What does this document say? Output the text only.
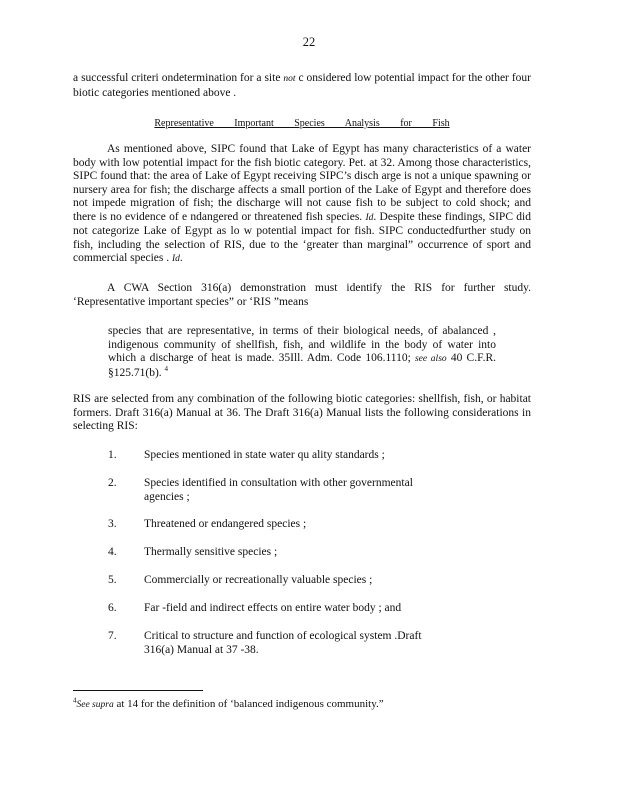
22
a successful criteri ondetermination for a site not c onsidered low potential impact for the other four biotic categories mentioned above .
Representative Important Species Analysis for Fish
As mentioned above, SIPC found that Lake of Egypt has many characteristics of a water body with low potential impact for the fish biotic category. Pet. at 32. Among those characteristics, SIPC found that: the area of Lake of Egypt receiving SIPC’s disch arge is not a unique spawning or nursery area for fish; the discharge affects a small portion of the Lake of Egypt and therefore does not impede migration of fish; the discharge will not cause fish to be subject to cold shock; and there is no evidence of e ndangered or threatened fish species. Id. Despite these findings, SIPC did not categorize Lake of Egypt as lo w potential impact for fish. SIPC conductedfurther study on fish, including the selection of RIS, due to the ‘greater than marginal” occurrence of sport and commercial species . Id.
A CWA Section 316(a) demonstration must identify the RIS for further study. ‘Representative important species” or ‘RIS ”means
species that are representative, in terms of their biological needs, of abalanced , indigenous community of shellfish, fish, and wildlife in the body of water into which a discharge of heat is made. 35Ill. Adm. Code 106.1110; see also 40 C.F.R. §125.71(b). $^4$
RIS are selected from any combination of the following biotic categories: shellfish, fish, or habitat formers. Draft 316(a) Manual at 36. The Draft 316(a) Manual lists the following considerations in selecting RIS:
1. Species mentioned in state water qu ality standards ;
2. Species identified in consultation with other governmental agencies ;
3. Threatened or endangered species ;
4. Thermally sensitive species ;
5. Commercially or recreationally valuable species ;
6. Far -field and indirect effects on entire water body ; and
7. Critical to structure and function of ecological system .Draft 316(a) Manual at 37 -38.
$^4$See supra at 14 for the definition of ‘balanced indigenous community.”
